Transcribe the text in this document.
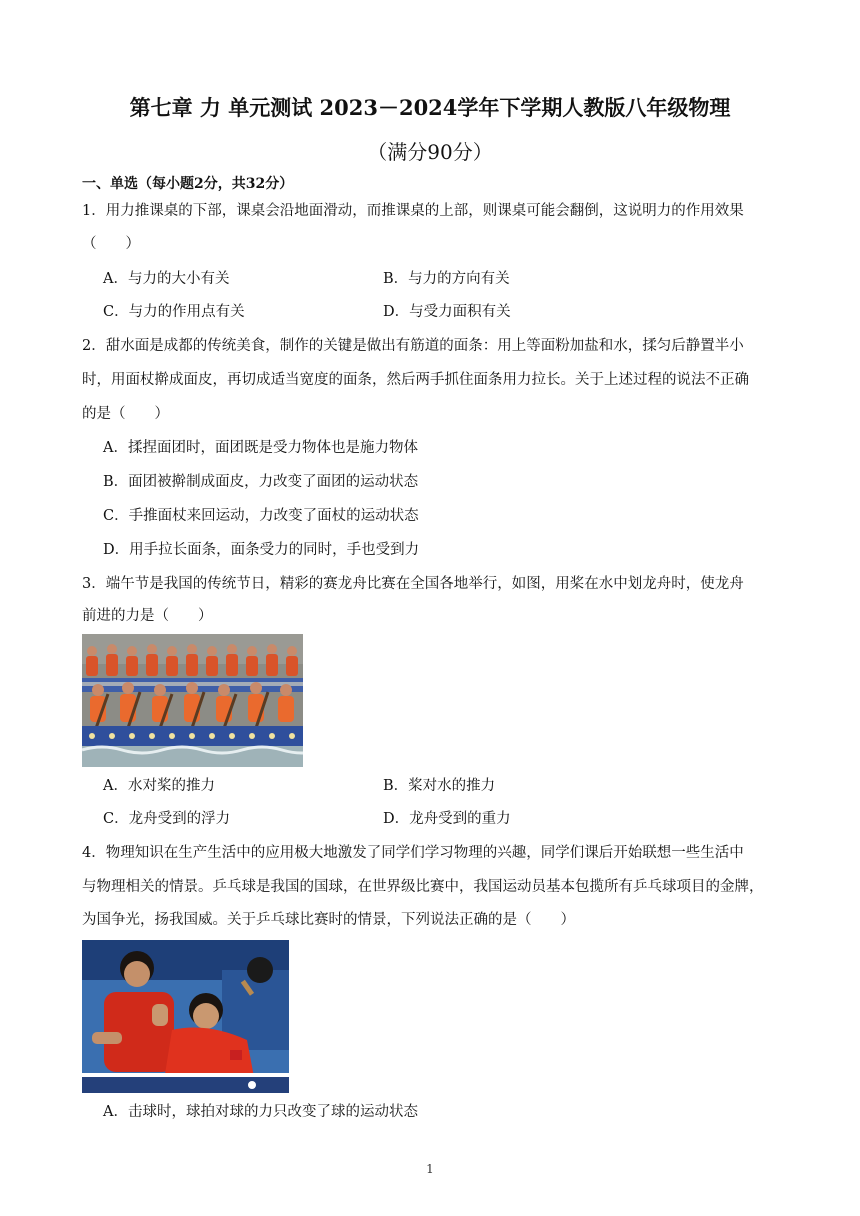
第七章 力 单元测试 2023－2024学年下学期人教版八年级物理
（满分90分）
一、单选（每小题2分，共32分）
1．用力推课桌的下部，课桌会沿地面滑动，而推课桌的上部，则课桌可能会翻倒，这说明力的作用效果
（　　）
A．与力的大小有关	B．与力的方向有关
C．与力的作用点有关	D．与受力面积有关
2．甜水面是成都的传统美食，制作的关键是做出有筋道的面条：用上等面粉加盐和水，揉匀后静置半小
时，用面杖擀成面皮，再切成适当宽度的面条，然后两手抓住面条用力拉长。关于上述过程的说法不正确
的是（　　）
A．揉捏面团时，面团既是受力物体也是施力物体
B．面团被擀制成面皮，力改变了面团的运动状态
C．手推面杖来回运动，力改变了面杖的运动状态
D．用手拉长面条，面条受力的同时，手也受到力
3．端午节是我国的传统节日，精彩的赛龙舟比赛在全国各地举行，如图，用桨在水中划龙舟时，使龙舟
前进的力是（　　）
A．水对桨的推力	B．桨对水的推力
C．龙舟受到的浮力	D．龙舟受到的重力
4．物理知识在生产生活中的应用极大地激发了同学们学习物理的兴趣，同学们课后开始联想一些生活中
与物理相关的情景。乒乓球是我国的国球，在世界级比赛中，我国运动员基本包揽所有乒乓球项目的金牌，
为国争光，扬我国威。关于乒乓球比赛时的情景，下列说法正确的是（　　）
A．击球时，球拍对球的力只改变了球的运动状态
1
